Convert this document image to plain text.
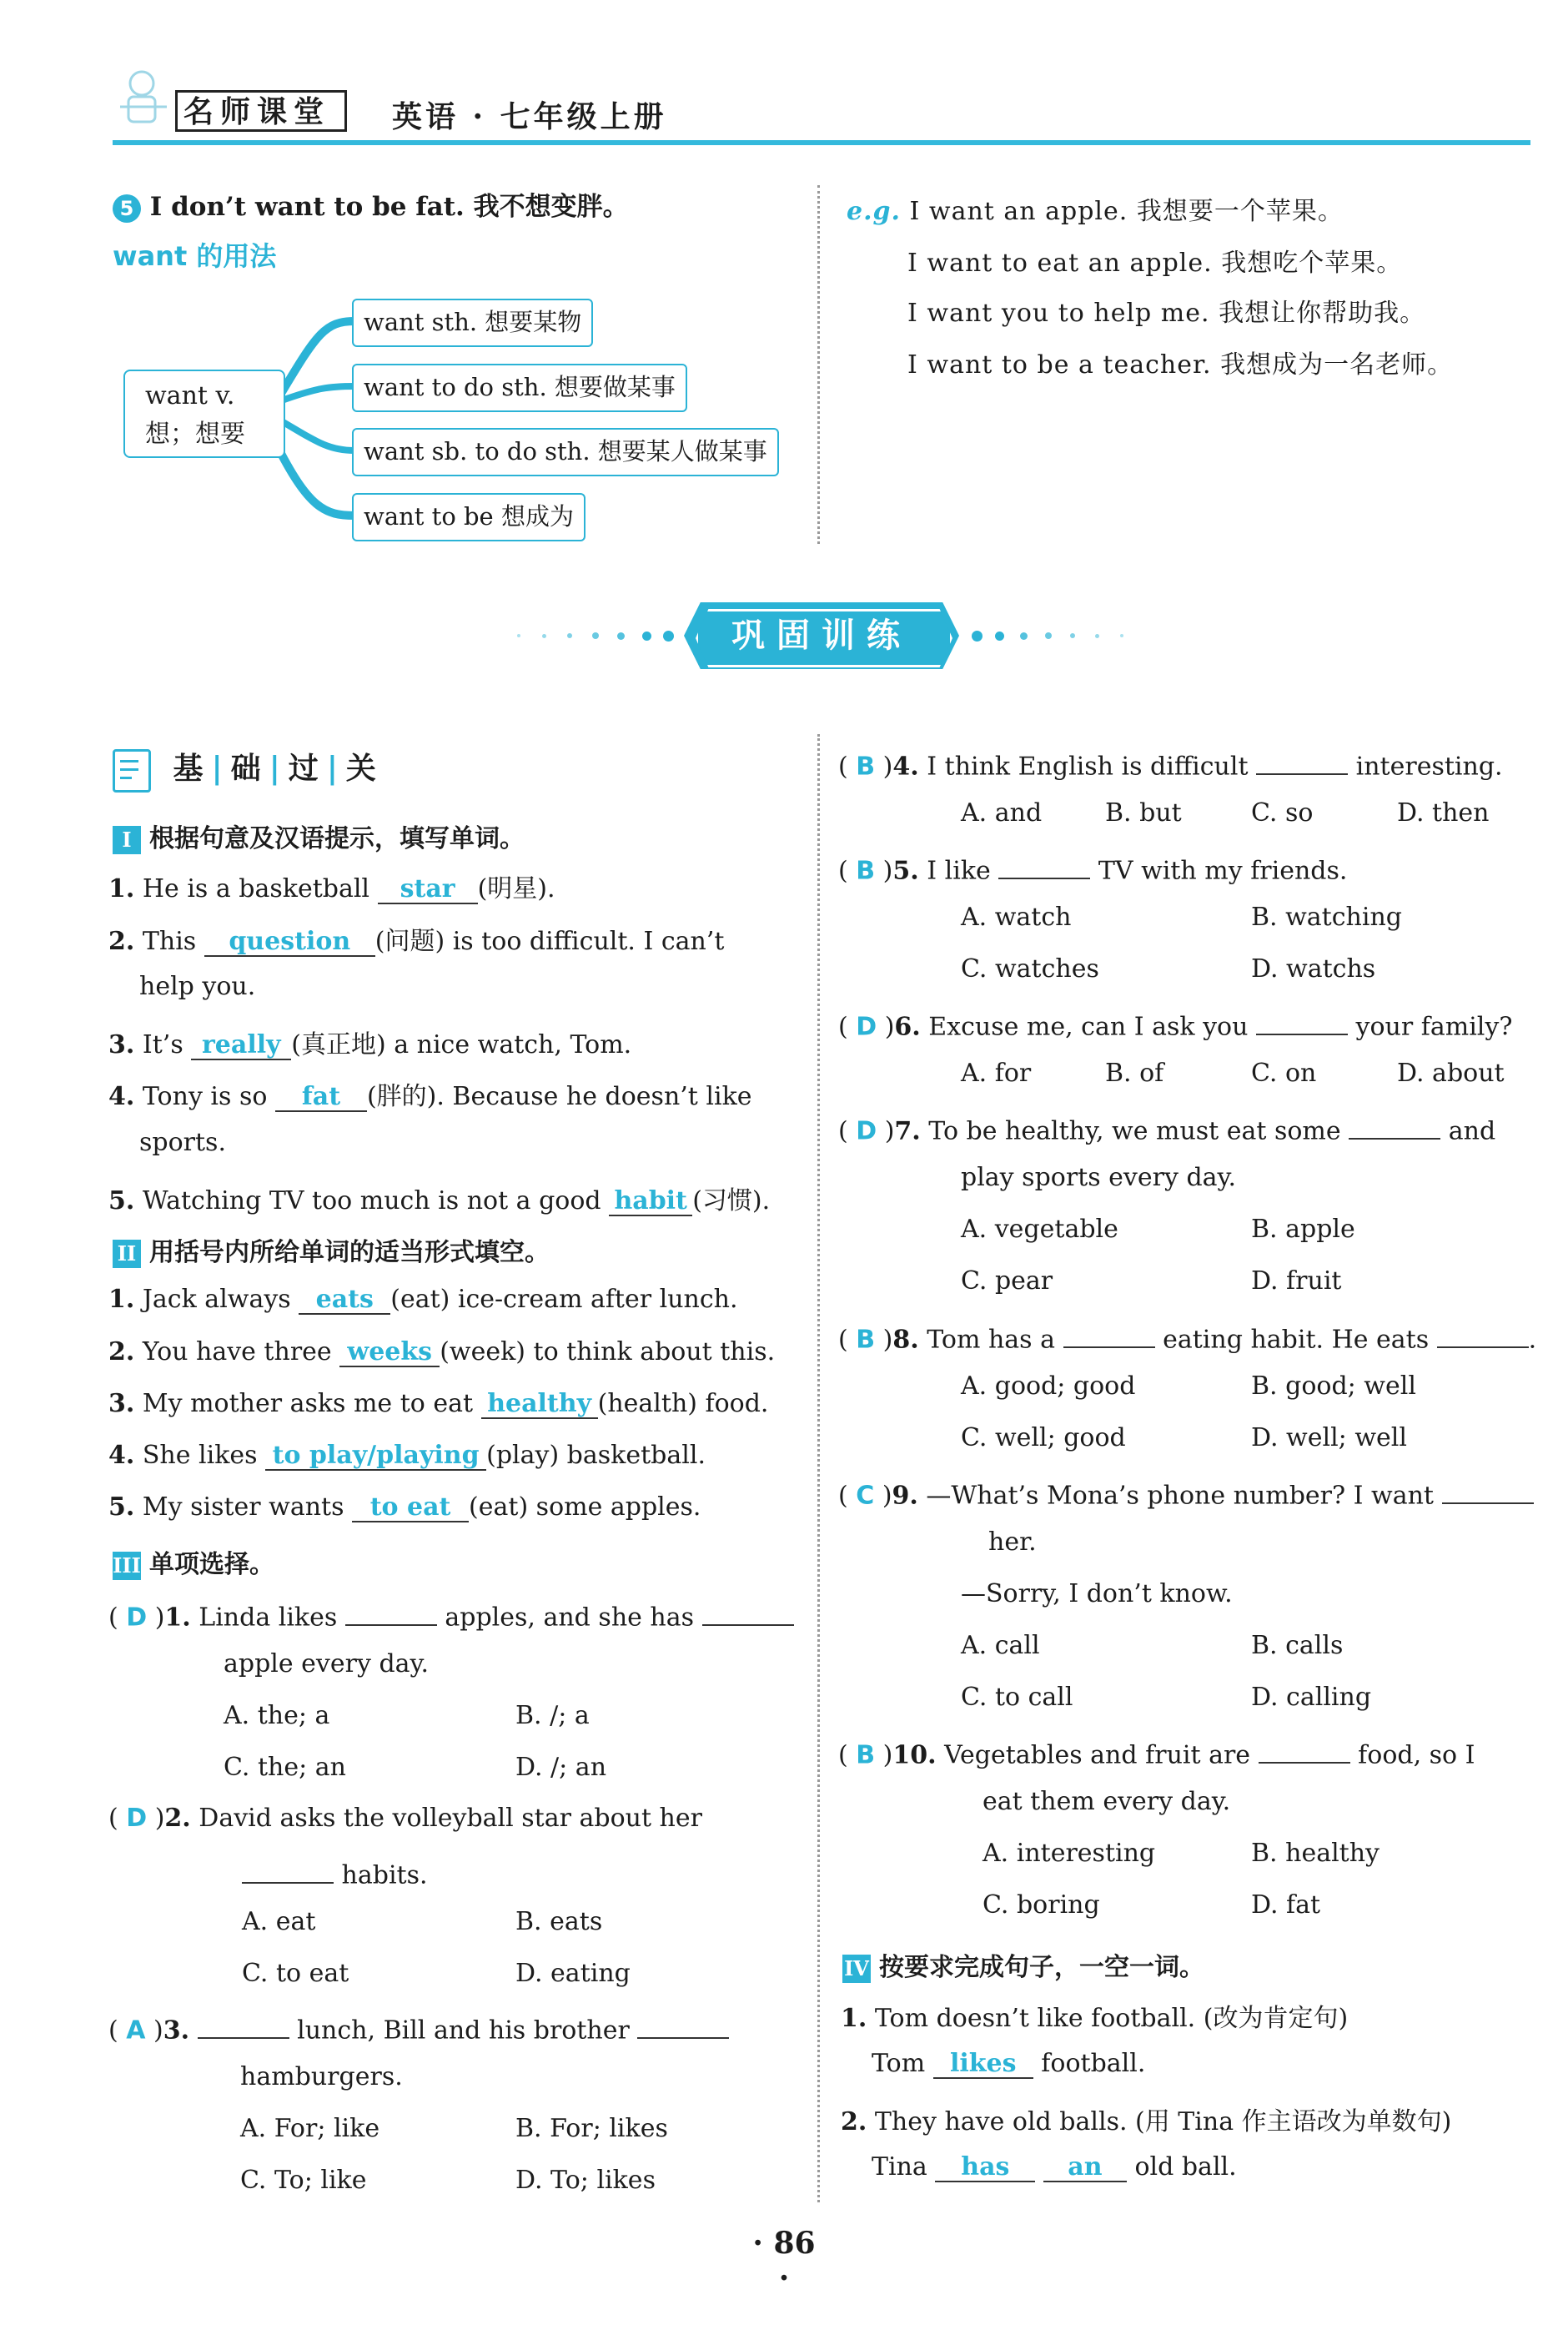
名师课堂 英语 · 七年级上册
5 I don’t want to be fat. 我不想变胖。
want 的用法
want v.
想；想要
want sth. 想要某物
want to do sth. 想要做某事
want sb. to do sth. 想要某人做某事
want to be 想成为
e.g. I want an apple. 我想要一个苹果。
I want to eat an apple. 我想吃个苹果。
I want you to help me. 我想让你帮助我。
I want to be a teacher. 我想成为一名老师。
巩固训练
基 | 础 | 过 | 关
I 根据句意及汉语提示，填写单词。
1. He is a basketball star (明星).
2. This question (问题) is too difficult. I can’t
help you.
3. It’s really (真正地) a nice watch, Tom.
4. Tony is so fat (胖的). Because he doesn’t like
sports.
5. Watching TV too much is not a good habit (习惯).
II 用括号内所给单词的适当形式填空。
1. Jack always eats (eat) ice-cream after lunch.
2. You have three weeks (week) to think about this.
3. My mother asks me to eat healthy (health) food.
4. She likes to play/playing (play) basketball.
5. My sister wants to eat (eat) some apples.
III 单项选择。
( D )1. Linda likes	apples, and she has
apple every day.
A. the; a	B. /; a
C. the; an	D. /; an
( D )2. David asks the volleyball star about her
habits.
A. eat	B. eats
C. to eat	D. eating
( A )3.	lunch, Bill and his brother
hamburgers.
A. For; like	B. For; likes
C. To; like	D. To; likes
( B )4. I think English is difficult	interesting.
A. and	B. but	C. so	D. then
( B )5. I like	TV with my friends.
A. watch	B. watching
C. watches	D. watchs
( D )6. Excuse me, can I ask you	your family?
A. for	B. of	C. on	D. about
( D )7. To be healthy, we must eat some	and
play sports every day.
A. vegetable	B. apple
C. pear	D. fruit
( B )8. Tom has a	eating habit. He eats	.
A. good; good	B. good; well
C. well; good	D. well; well
( C )9. —What’s Mona’s phone number? I want
her.
—Sorry, I don’t know.
A. call	B. calls
C. to call	D. calling
( B )10. Vegetables and fruit are	food, so I
eat them every day.
A. interesting	B. healthy
C. boring	D. fat
IV 按要求完成句子，一空一词。
1. Tom doesn’t like football. (改为肯定句)
Tom likes football.
2. They have old balls. (用 Tina 作主语改为单数句)
Tina has an old ball.
· 86 ·
